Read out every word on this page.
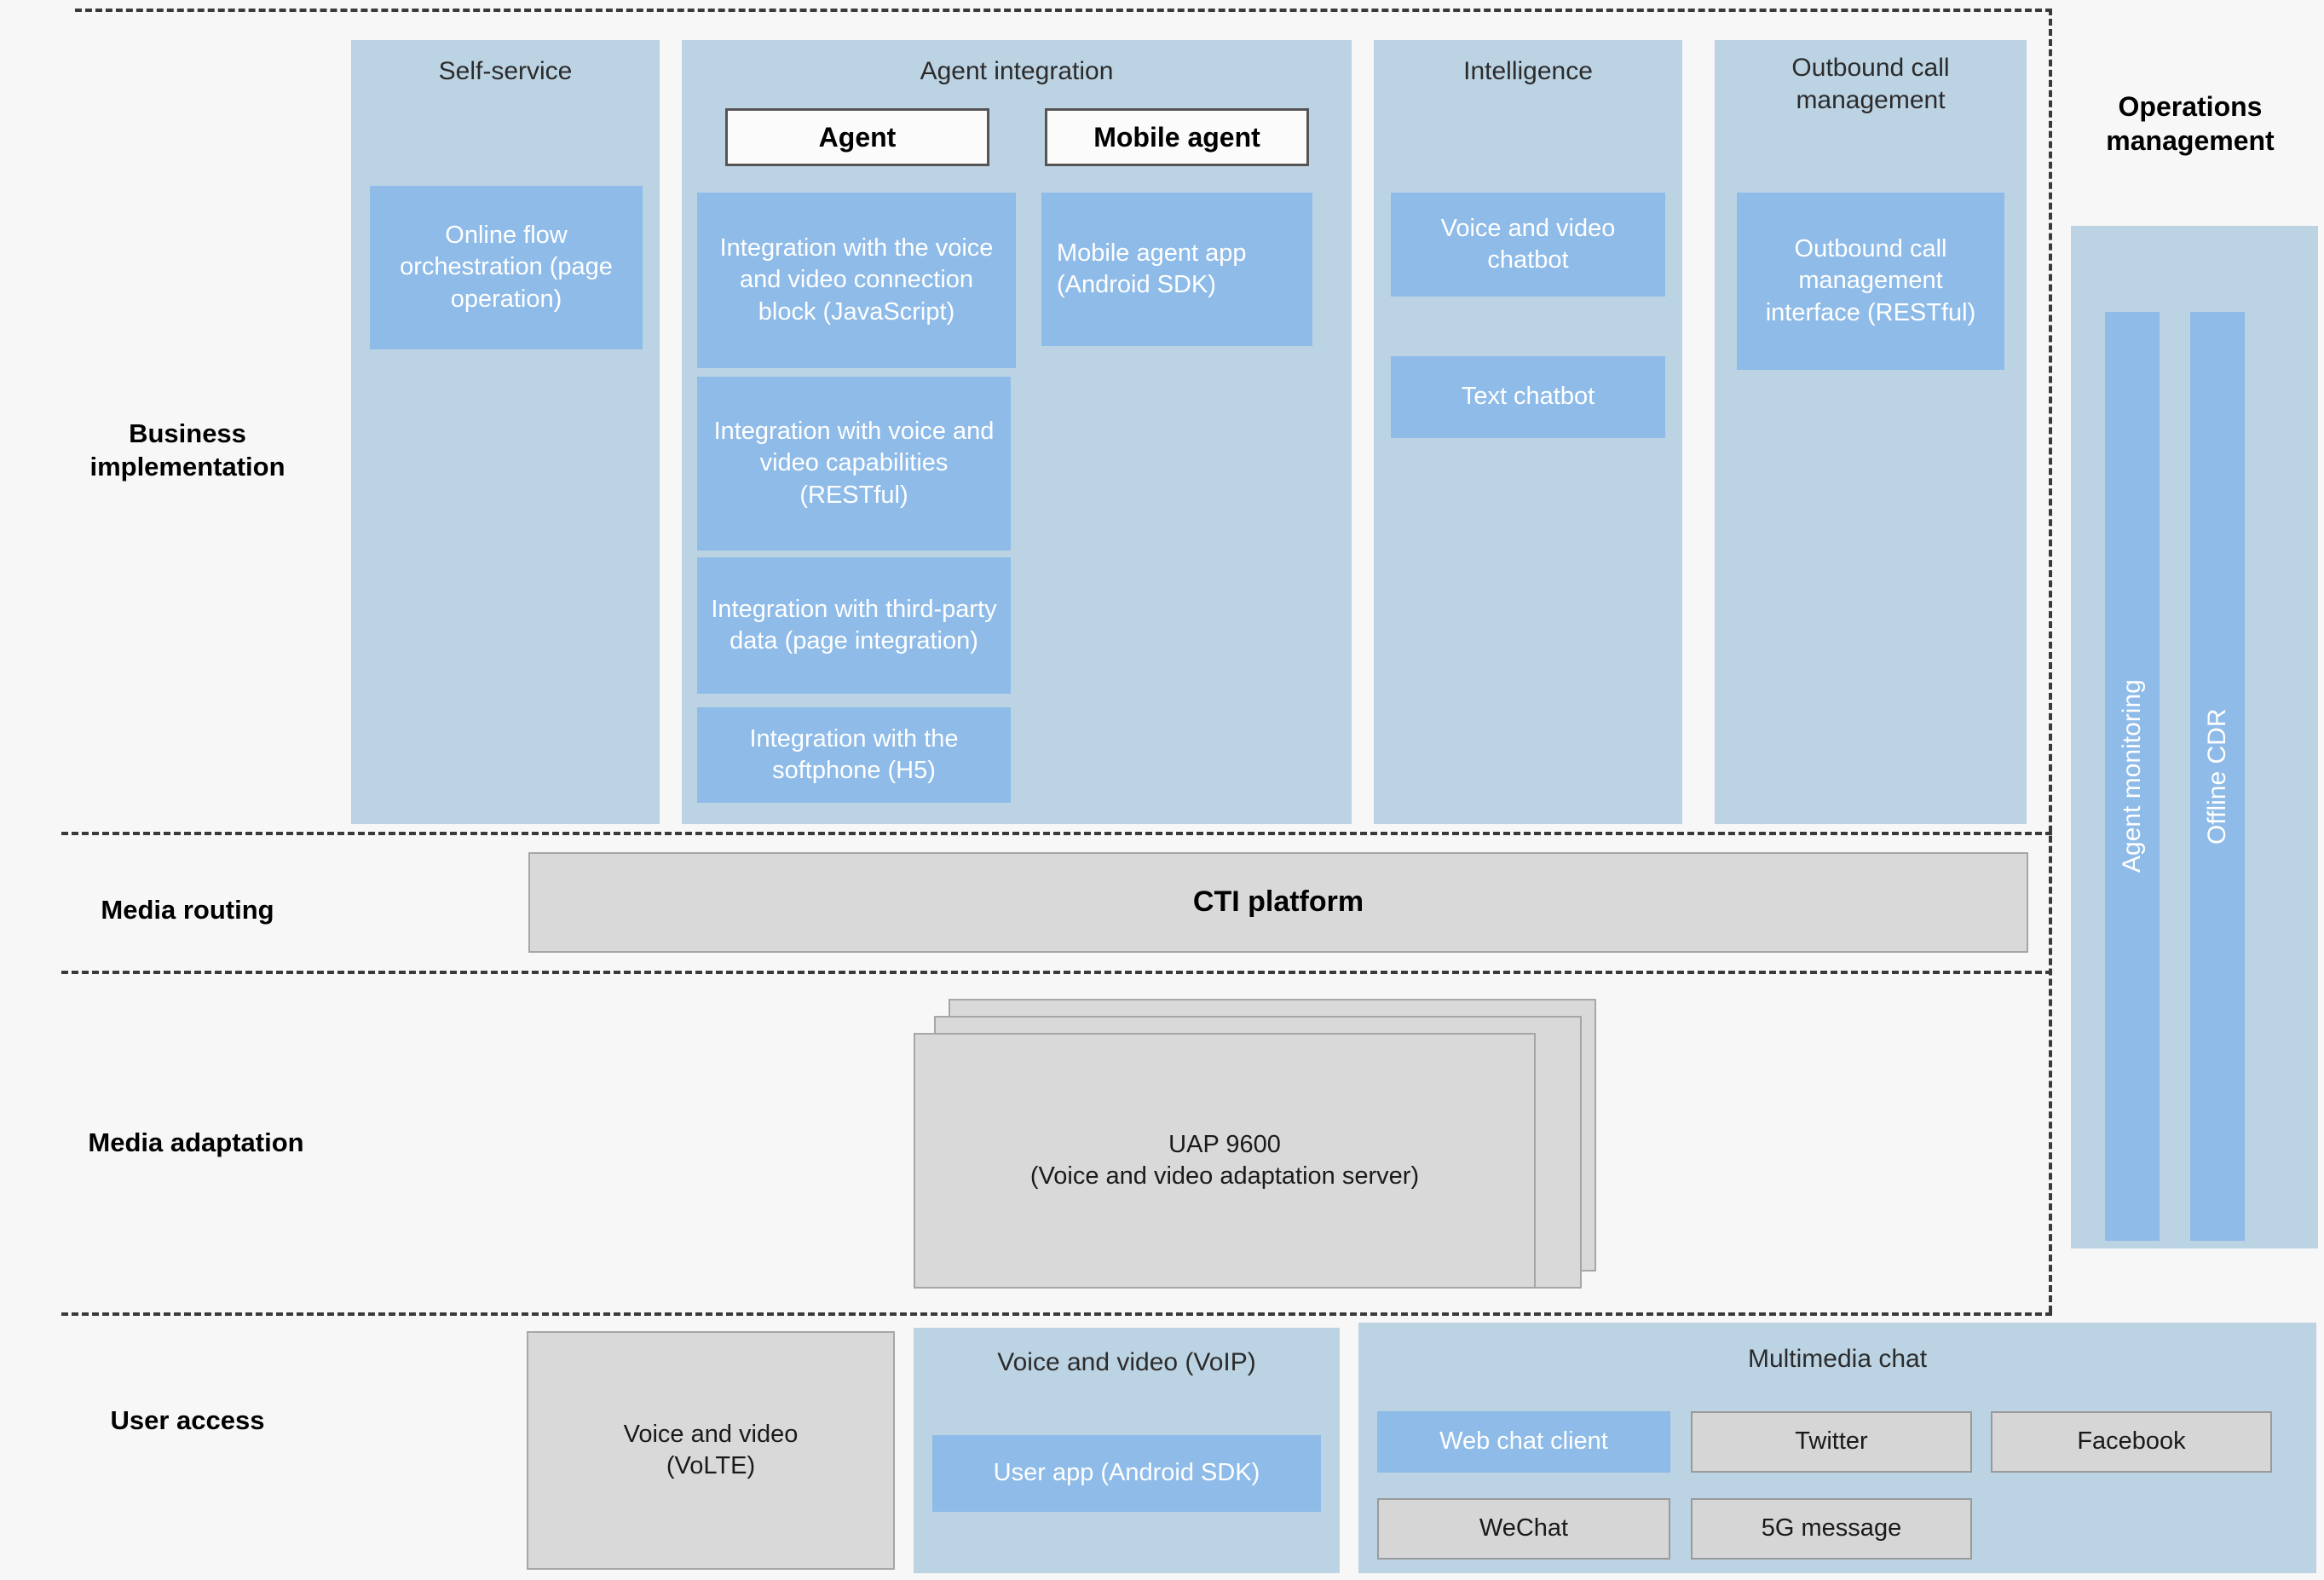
Business implementation
Media routing
Media adaptation
User access
Self-service
Online flow orchestration (page operation)
Agent integration
Agent	Mobile agent
Integration with the voice and video connection block (JavaScript)
Integration with voice and video capabilities (RESTful)
Integration with third-party data (page integration)
Integration with the softphone (H5)
Mobile agent app (Android SDK)
Intelligence
Voice and video chatbot
Text chatbot
Outbound call management
Outbound call management interface (RESTful)
Operations management
Agent monitoring Offline CDR
CTI platform
UAP 9600
(Voice and video adaptation server)
Voice and video
(VoLTE)
Voice and video (VoIP)
User app (Android SDK)
Multimedia chat
Web chat client	Twitter	Facebook
WeChat	5G message
